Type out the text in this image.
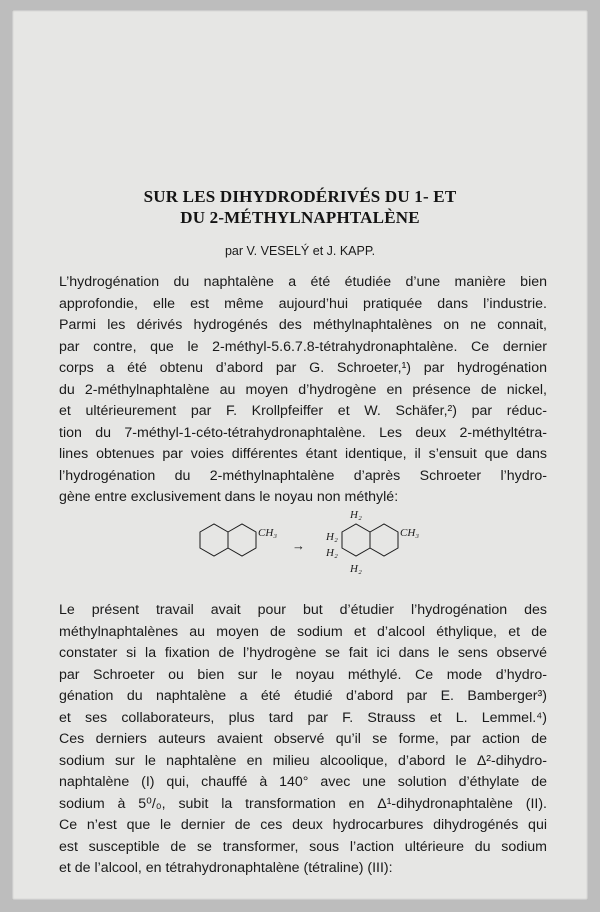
SUR LES DIHYDRODÉRIVÉS DU 1- ET
DU 2-MÉTHYLNAPHTALÈNE
par V. VESELÝ et J. KAPP.
L’hydrogénation du naphtalène a été étudiée d’une manière bien
approfondie, elle est même aujourd’hui pratiquée dans l’industrie.
Parmi les dérivés hydrogénés des méthylnaphtalènes on ne connait,
par contre, que le 2-méthyl-5.6.7.8-tétrahydronaphtalène. Ce dernier
corps a été obtenu d’abord par G. Schroeter,¹) par hydrogénation
du 2-méthylnaphtalène au moyen d’hydrogène en présence de nickel,
et ultérieurement par F. Krollpfeiffer et W. Schäfer,²) par réduc-
tion du 7-méthyl-1-céto-tétrahydronaphtalène. Les deux 2-méthyltétra-
lines obtenues par voies différentes étant identique, il s’ensuit que dans
l’hydrogénation du 2-méthylnaphtalène d’après Schroeter l’hydro-
gène entre exclusivement dans le noyau non méthylé:
CH₃
→
H₂
H₂
H₂
H₂
CH₃
Le présent travail avait pour but d’étudier l’hydrogénation des
méthylnaphtalènes au moyen de sodium et d’alcool éthylique, et de
constater si la fixation de l’hydrogène se fait ici dans le sens observé
par Schroeter ou bien sur le noyau méthylé. Ce mode d’hydro-
génation du naphtalène a été étudié d’abord par E. Bamberger³)
et ses collaborateurs, plus tard par F. Strauss et L. Lemmel.⁴)
Ces derniers auteurs avaient observé qu’il se forme, par action de
sodium sur le naphtalène en milieu alcoolique, d’abord le Δ²-dihydro-
naphtalène (I) qui, chauffé à 140° avec une solution d’éthylate de
sodium à 5⁰/₀, subit la transformation en Δ¹-dihydronaphtalène (II).
Ce n’est que le dernier de ces deux hydrocarbures dihydrogénés qui
est susceptible de se transformer, sous l’action ultérieure du sodium
et de l’alcool, en tétrahydronaphtalène (tétraline) (III):
